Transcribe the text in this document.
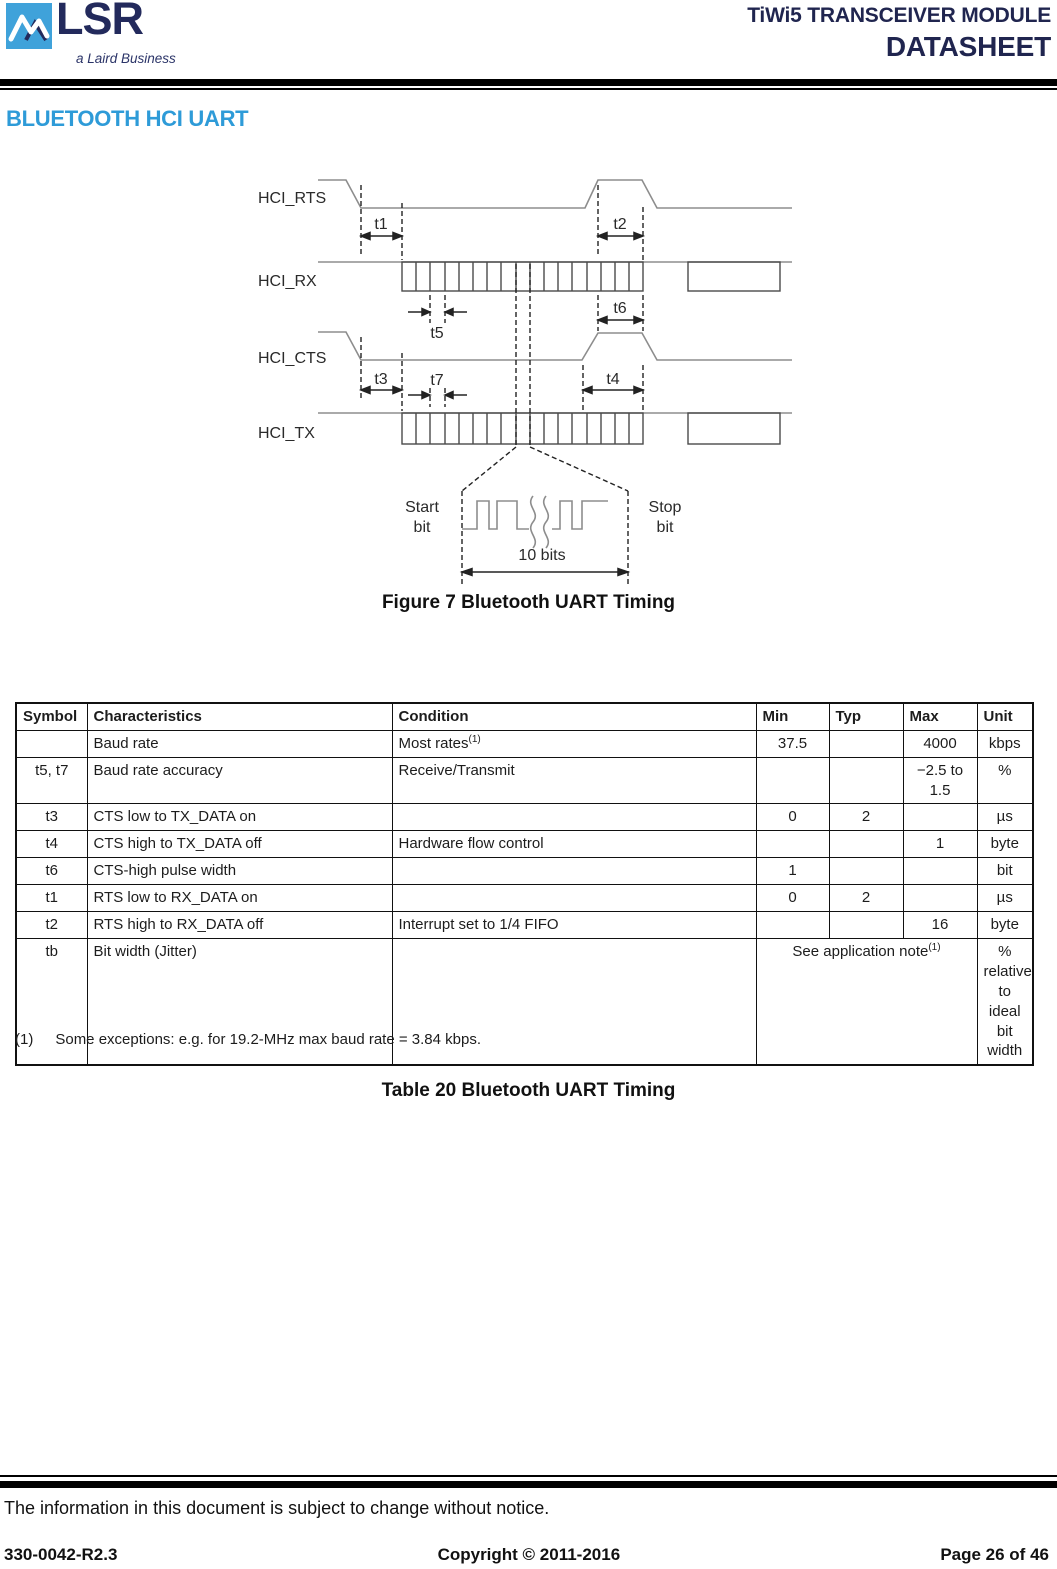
LSR
a Laird Business
TiWi5 TRANSCEIVER MODULE
DATASHEET
BLUETOOTH HCI UART
HCI_RTS
HCI_RX
HCI_CTS
HCI_TX
t1	t2
t5
t6
t3	t7	t4
Start
bit
Stop
bit
10 bits
Figure 7 Bluetooth UART Timing
Symbol	Characteristics	Condition	Min	Typ	Max	Unit
	Baud rate	Most rates$^{(1)}$	37.5		4000	kbps
t5, t7	Baud rate accuracy	Receive/Transmit			−2.5 to 1.5	%
t3	CTS low to TX_DATA on		0	2		µs
t4	CTS high to TX_DATA off	Hardware flow control			1	byte
t6	CTS-high pulse width		1			bit
t1	RTS low to RX_DATA on		0	2		µs
t2	RTS high to RX_DATA off	Interrupt set to 1/4 FIFO			16	byte
tb	Bit width (Jitter)		See application note$^{(1)}$			% relative to ideal bit width
(1) Some exceptions: e.g. for 19.2-MHz max baud rate = 3.84 kbps.
Table 20 Bluetooth UART Timing
The information in this document is subject to change without notice.
330-0042-R2.3	Copyright © 2011-2016	Page 26 of 46
